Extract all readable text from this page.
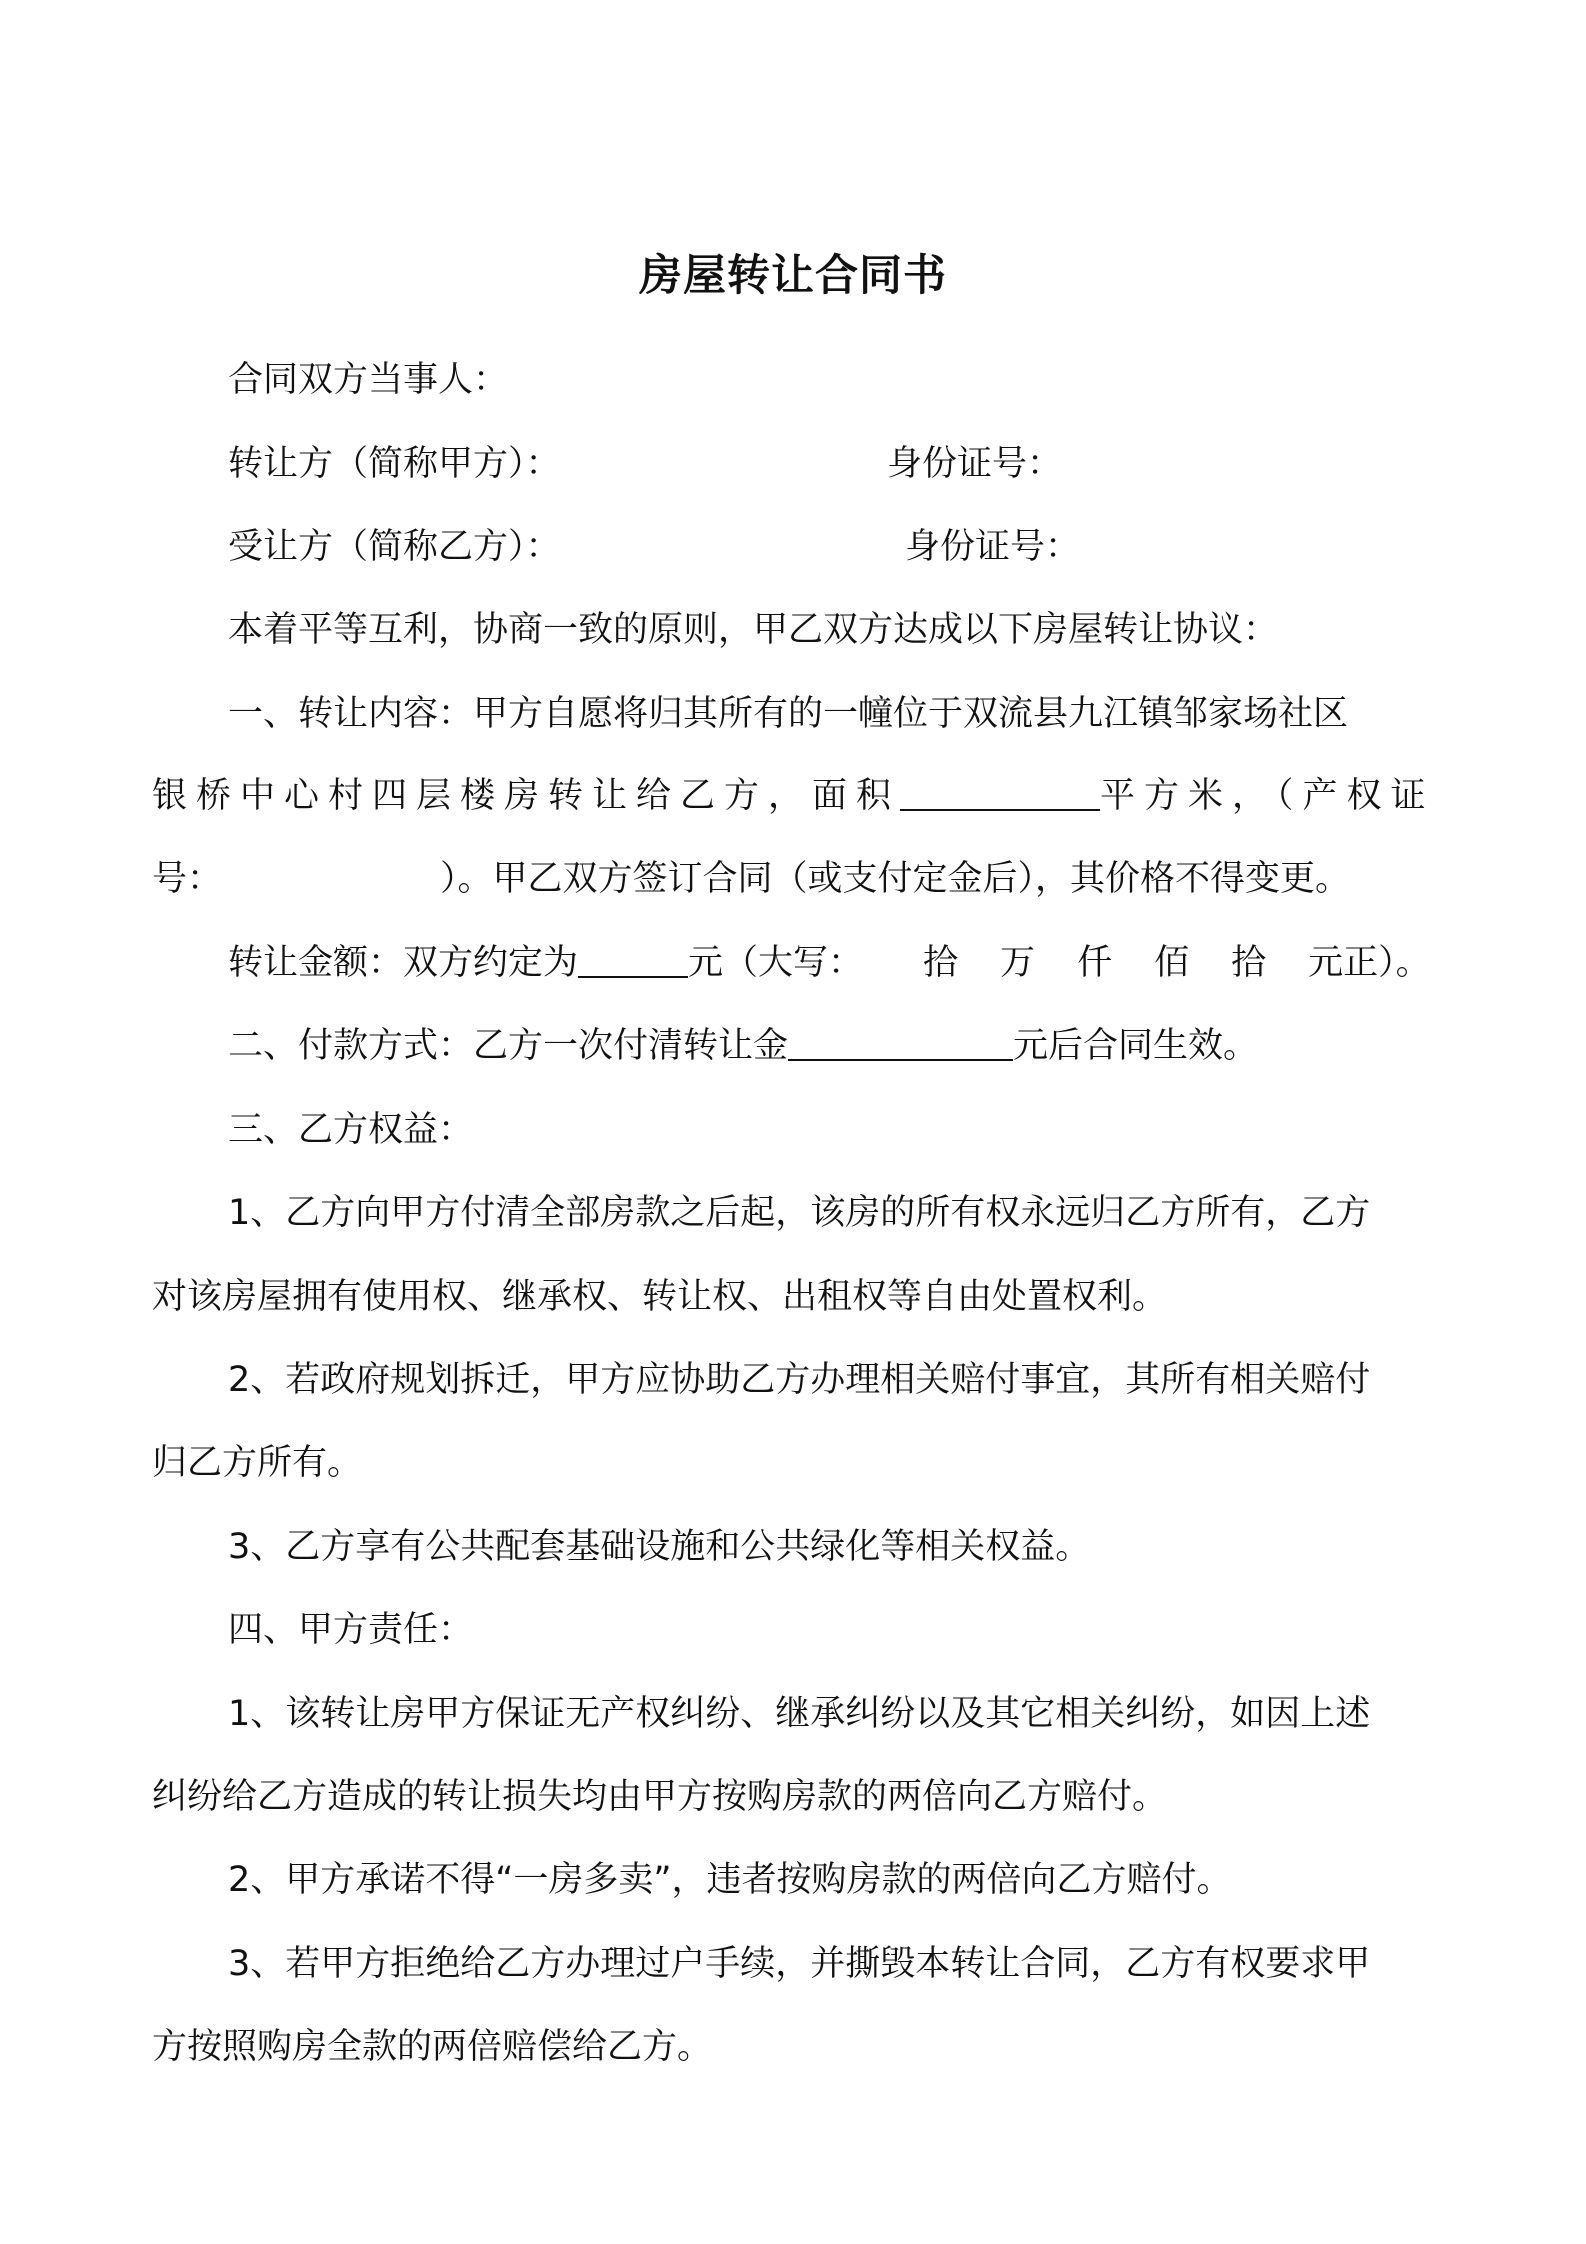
房屋转让合同书
合同双方当事人：
转让方（简称甲方）：	身份证号：
受让方（简称乙方）：	身份证号：
本着平等互利，协商一致的原则，甲乙双方达成以下房屋转让协议：
一、转让内容：甲方自愿将归其所有的一幢位于双流县九江镇邹家场社区
银桥中心村四层楼房转让给乙方，面积	平方米，（产权证
号：	）。甲乙双方签订合同（或支付定金后），其价格不得变更。
转让金额：双方约定为	元（大写： 拾 万 仟 佰 拾 元正）。
二、付款方式：乙方一次付清转让金	元后合同生效。
三、乙方权益：
1、乙方向甲方付清全部房款之后起，该房的所有权永远归乙方所有，乙方
对该房屋拥有使用权、继承权、转让权、出租权等自由处置权利。
2、若政府规划拆迁，甲方应协助乙方办理相关赔付事宜，其所有相关赔付
归乙方所有。
3、乙方享有公共配套基础设施和公共绿化等相关权益。
四、甲方责任：
1、该转让房甲方保证无产权纠纷、继承纠纷以及其它相关纠纷，如因上述
纠纷给乙方造成的转让损失均由甲方按购房款的两倍向乙方赔付。
2、甲方承诺不得“一房多卖”，违者按购房款的两倍向乙方赔付。
3、若甲方拒绝给乙方办理过户手续，并撕毁本转让合同，乙方有权要求甲
方按照购房全款的两倍赔偿给乙方。
